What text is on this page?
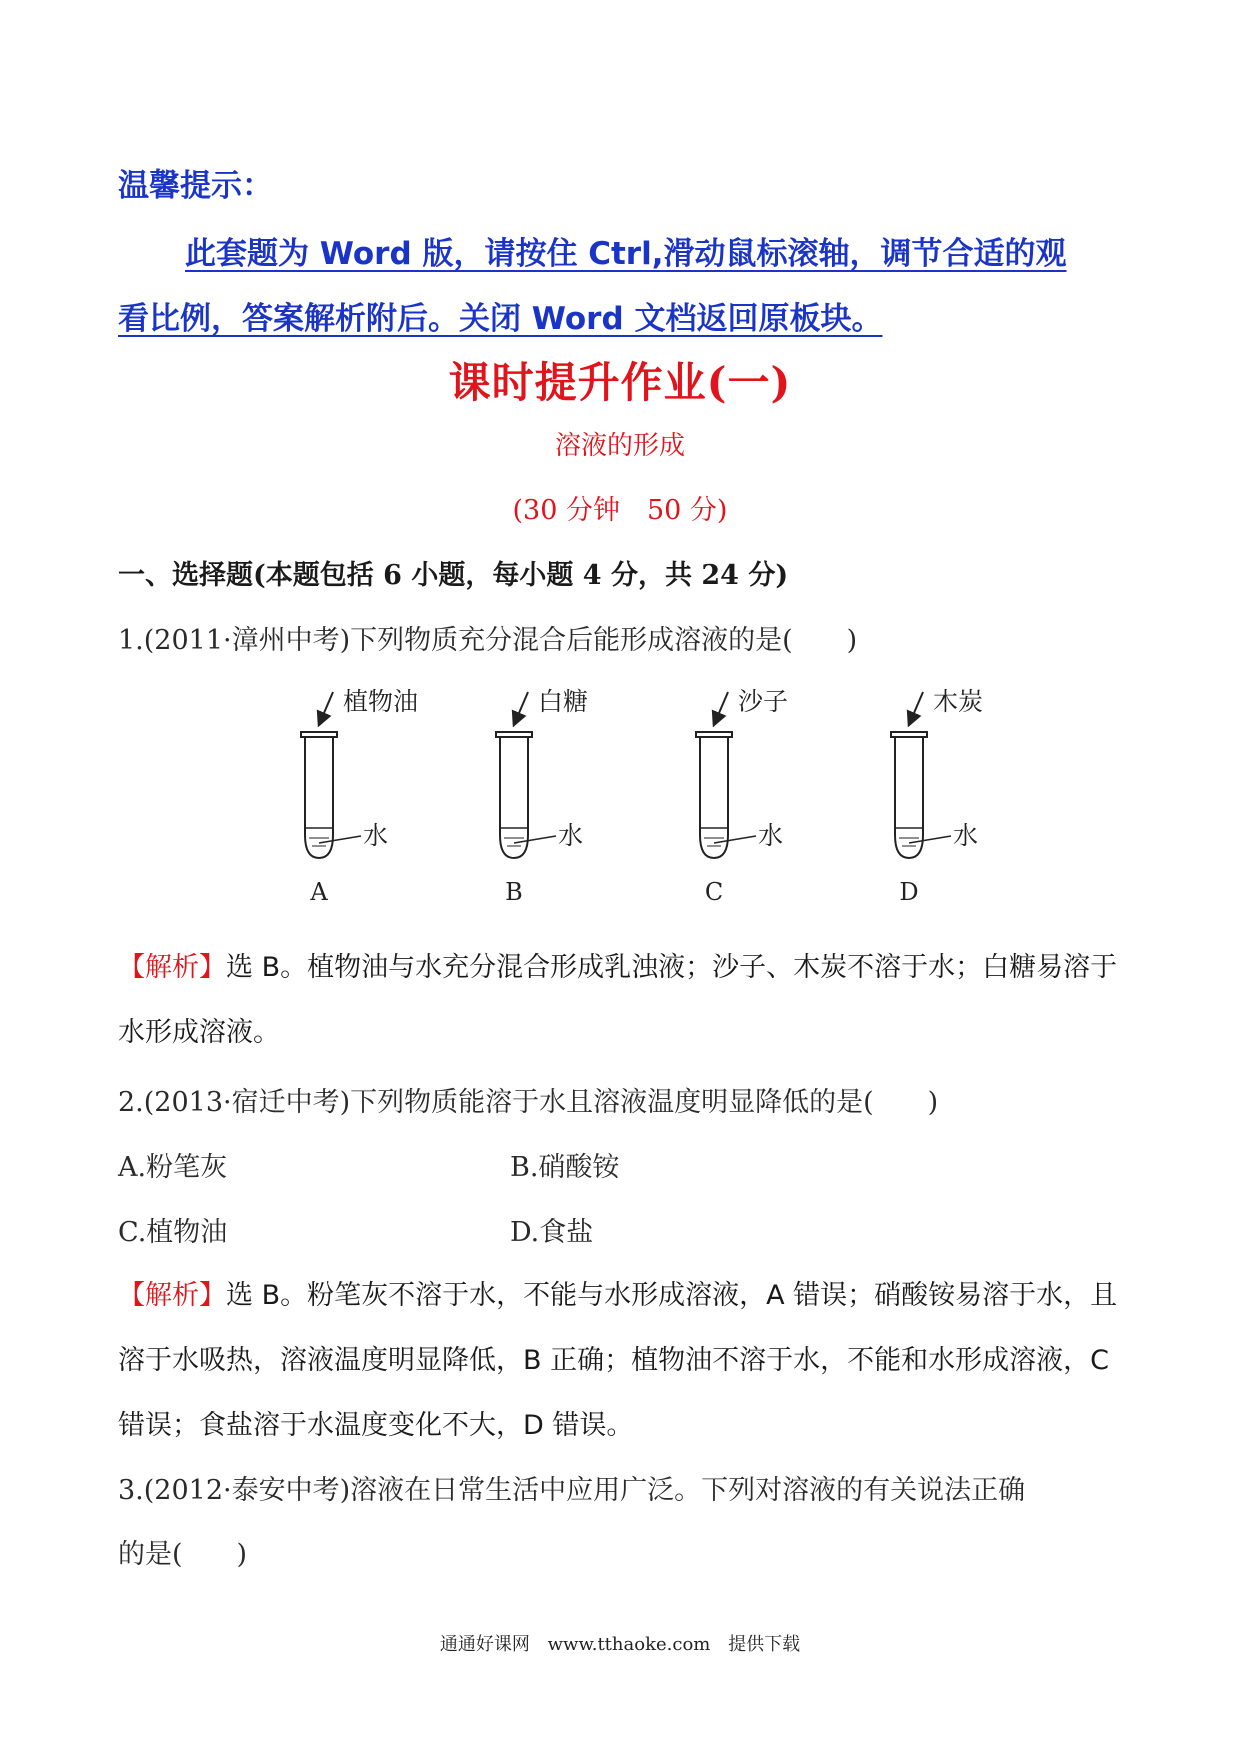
温馨提示：
此套题为 Word 版，请按住 Ctrl,滑动鼠标滚轴，调节合适的观
看比例，答案解析附后。关闭 Word 文档返回原板块。
课时提升作业(一)
溶液的形成
(30 分钟　50 分)
一、选择题(本题包括 6 小题，每小题 4 分，共 24 分)
1.(2011·漳州中考)下列物质充分混合后能形成溶液的是(　　)
植物油
水
A
白糖
水
B
沙子
水
C
木炭
水
D
【解析】选 B。植物油与水充分混合形成乳浊液；沙子、木炭不溶于水；白糖易溶于水形成溶液。
2.(2013·宿迁中考)下列物质能溶于水且溶液温度明显降低的是(　　)
A.粉笔灰	B.硝酸铵
C.植物油	D.食盐
【解析】选 B。粉笔灰不溶于水，不能与水形成溶液，A 错误；硝酸铵易溶于水，且溶于水吸热，溶液温度明显降低，B 正确；植物油不溶于水，不能和水形成溶液，C 错误；食盐溶于水温度变化不大，D 错误。
3.(2012·泰安中考)溶液在日常生活中应用广泛。下列对溶液的有关说法正确
的是(　　)
通通好课网 www.tthaoke.com 提供下载
